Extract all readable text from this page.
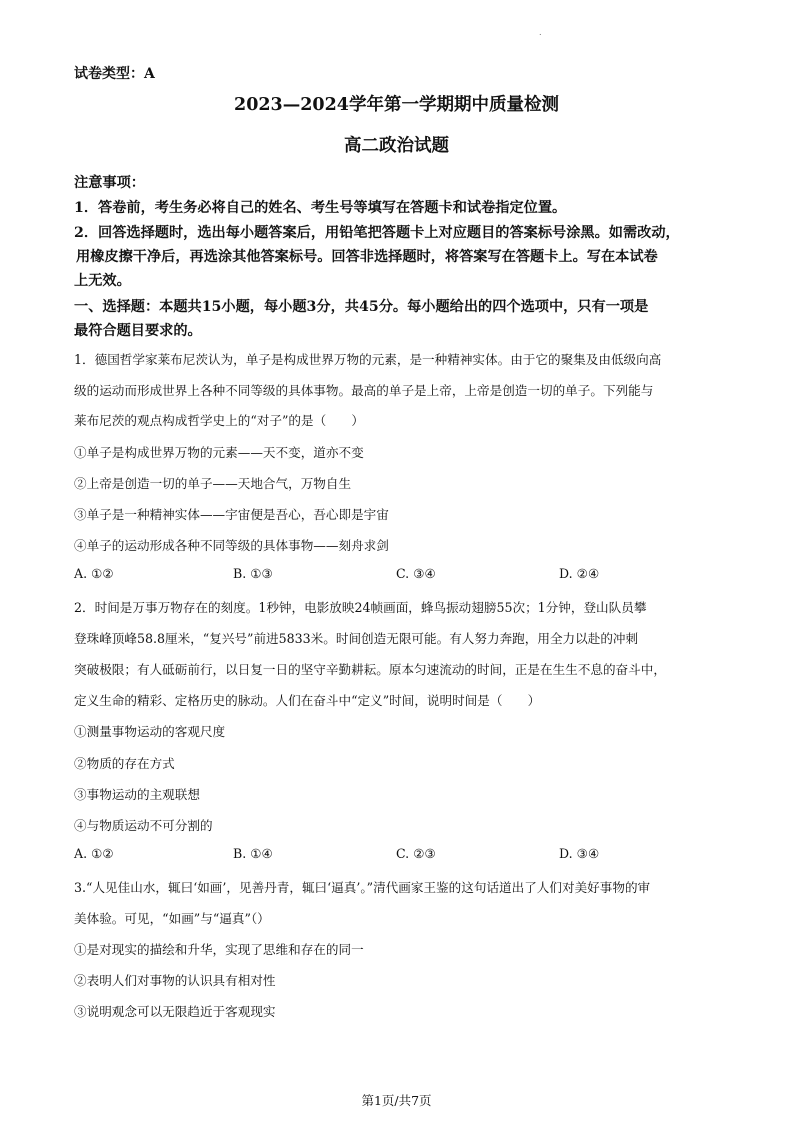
.
试卷类型：A
2023—2024学年第一学期期中质量检测
高二政治试题
注意事项：
1．答卷前，考生务必将自己的姓名、考生号等填写在答题卡和试卷指定位置。
2．回答选择题时，选出每小题答案后，用铅笔把答题卡上对应题目的答案标号涂黑。如需改动，
用橡皮擦干净后，再选涂其他答案标号。回答非选择题时，将答案写在答题卡上。写在本试卷
上无效。
一、选择题：本题共15小题，每小题3分，共45分。每小题给出的四个选项中，只有一项是
最符合题目要求的。
1．德国哲学家莱布尼茨认为，单子是构成世界万物的元素，是一种精神实体。由于它的聚集及由低级向高
级的运动而形成世界上各种不同等级的具体事物。最高的单子是上帝，上帝是创造一切的单子。下列能与
莱布尼茨的观点构成哲学史上的“对子”的是（　　）
①单子是构成世界万物的元素——天不变，道亦不变
②上帝是创造一切的单子——天地合气，万物自生
③单子是一种精神实体——宇宙便是吾心，吾心即是宇宙
④单子的运动形成各种不同等级的具体事物——刻舟求剑
A. ①②	B. ①③	C. ③④	D. ②④
2．时间是万事万物存在的刻度。1秒钟，电影放映24帧画面，蜂鸟振动翅膀55次；1分钟，登山队员攀
登珠峰顶峰58.8厘米，“复兴号”前进5833米。时间创造无限可能。有人努力奔跑，用全力以赴的冲刺
突破极限；有人砥砺前行，以日复一日的坚守辛勤耕耘。原本匀速流动的时间，正是在生生不息的奋斗中，
定义生命的精彩、定格历史的脉动。人们在奋斗中“定义”时间，说明时间是（　　）
①测量事物运动的客观尺度
②物质的存在方式
③事物运动的主观联想
④与物质运动不可分割的
A. ①②	B. ①④	C. ②③	D. ③④
3.“人见佳山水，辄曰‘如画’，见善丹青，辄曰‘逼真’。”清代画家王鉴的这句话道出了人们对美好事物的审
美体验。可见，“如画”与“逼真”（）
①是对现实的描绘和升华，实现了思维和存在的同一
②表明人们对事物的认识具有相对性
③说明观念可以无限趋近于客观现实
第1页/共7页
